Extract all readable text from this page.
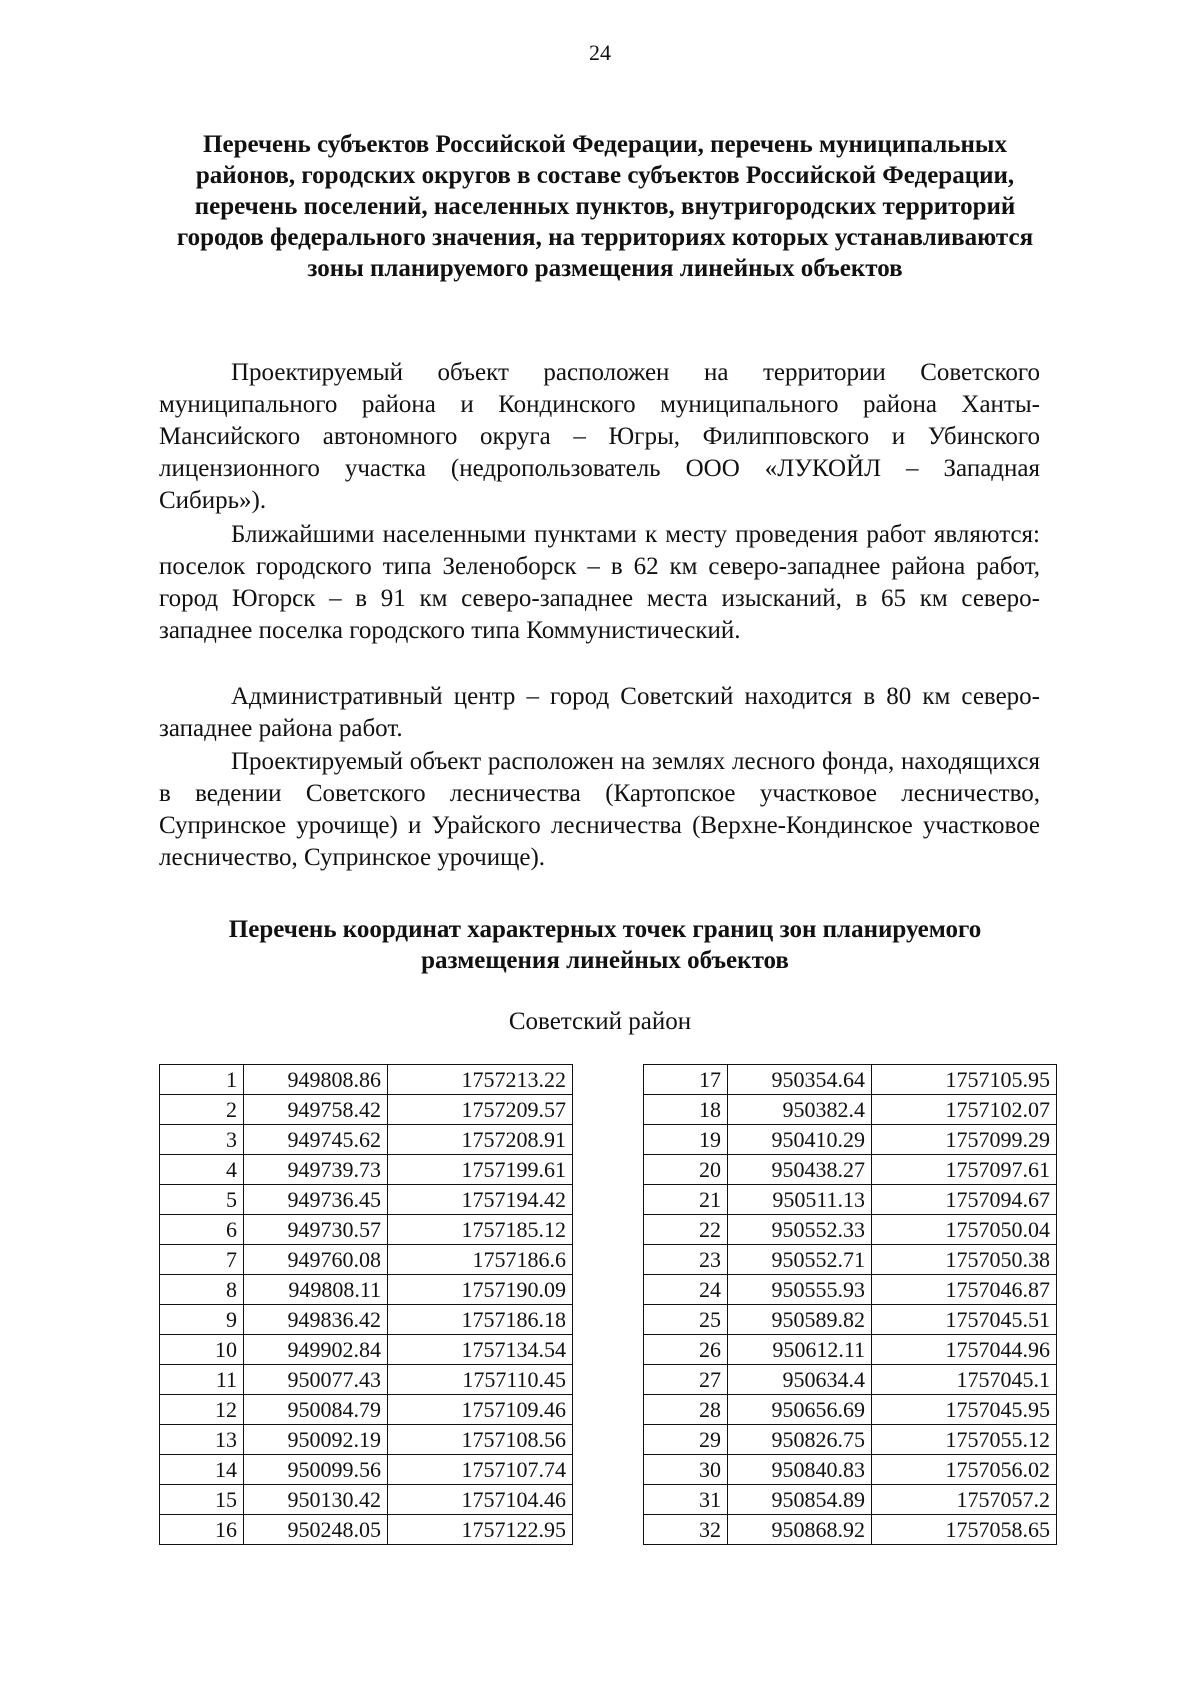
24
Перечень субъектов Российской Федерации, перечень муниципальных районов, городских округов в составе субъектов Российской Федерации, перечень поселений, населенных пунктов, внутригородских территорий городов федерального значения, на территориях которых устанавливаются зоны планируемого размещения линейных объектов

Проектируемый объект расположен на территории Советского муниципального района и Кондинского муниципального района Ханты-Мансийского автономного округа – Югры, Филипповского и Убинского лицензионного участка (недропользователь ООО «ЛУКОЙЛ – Западная Сибирь»).

Ближайшими населенными пунктами к месту проведения работ являются: поселок городского типа Зеленоборск – в 62 км северо-западнее района работ, город Югорск – в 91 км северо-западнее места изысканий, в 65 км северо-западнее поселка городского типа Коммунистический.

Административный центр – город Советский находится в 80 км северо-западнее района работ.

Проектируемый объект расположен на землях лесного фонда, находящихся в ведении Советского лесничества (Картопское участковое лесничество, Супринское урочище) и Урайского лесничества (Верхне-Кондинское участковое лесничество, Супринское урочище).

Перечень координат характерных точек границ зон планируемого размещения линейных объектов
Советский район
1	949808.86	1757213.22
2	949758.42	1757209.57
3	949745.62	1757208.91
4	949739.73	1757199.61
5	949736.45	1757194.42
6	949730.57	1757185.12
7	949760.08	1757186.6
8	949808.11	1757190.09
9	949836.42	1757186.18
10	949902.84	1757134.54
11	950077.43	1757110.45
12	950084.79	1757109.46
13	950092.19	1757108.56
14	950099.56	1757107.74
15	950130.42	1757104.46
16	950248.05	1757122.95
17	950354.64	1757105.95
18	950382.4	1757102.07
19	950410.29	1757099.29
20	950438.27	1757097.61
21	950511.13	1757094.67
22	950552.33	1757050.04
23	950552.71	1757050.38
24	950555.93	1757046.87
25	950589.82	1757045.51
26	950612.11	1757044.96
27	950634.4	1757045.1
28	950656.69	1757045.95
29	950826.75	1757055.12
30	950840.83	1757056.02
31	950854.89	1757057.2
32	950868.92	1757058.65
